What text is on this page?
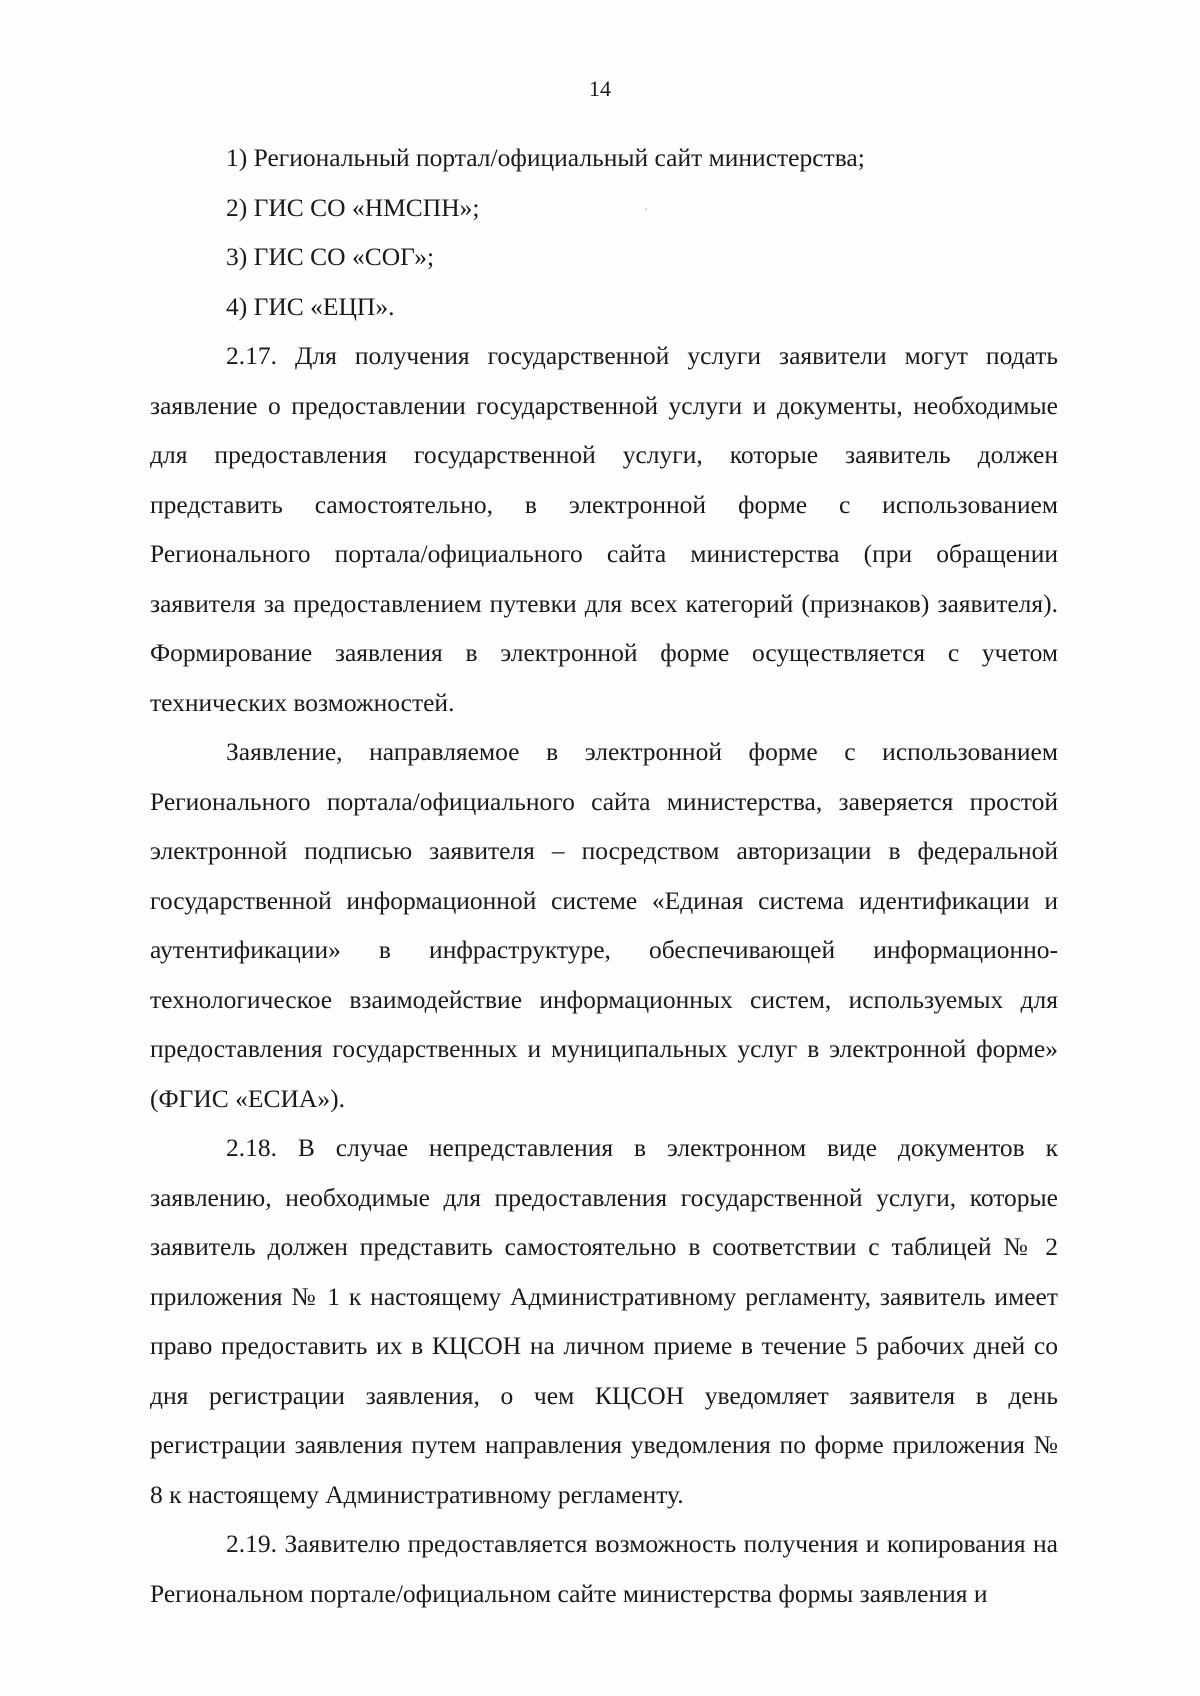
14

1) Региональный портал/официальный сайт министерства;

2) ГИС СО «НМСПН»;

3) ГИС СО «СОГ»;

4) ГИС «ЕЦП».

2.17. Для получения государственной услуги заявители могут подать заявление о предоставлении государственной услуги и документы, необходимые для предоставления государственной услуги, которые заявитель должен представить самостоятельно, в электронной форме с использованием Регионального портала/официального сайта министерства (при обращении заявителя за предоставлением путевки для всех категорий (признаков) заявителя). Формирование заявления в электронной форме осуществляется с учетом технических возможностей.

Заявление, направляемое в электронной форме с использованием Регионального портала/официального сайта министерства, заверяется простой электронной подписью заявителя – посредством авторизации в федеральной государственной информационной системе «Единая система идентификации и аутентификации» в инфраструктуре, обеспечивающей информационно-технологическое взаимодействие информационных систем, используемых для предоставления государственных и муниципальных услуг в электронной форме» (ФГИС «ЕСИА»).

2.18. В случае непредставления в электронном виде документов к заявлению, необходимые для предоставления государственной услуги, которые заявитель должен представить самостоятельно в соответствии с таблицей № 2 приложения № 1 к настоящему Административному регламенту, заявитель имеет право предоставить их в КЦСОН на личном приеме в течение 5 рабочих дней со дня регистрации заявления, о чем КЦСОН уведомляет заявителя в день регистрации заявления путем направления уведомления по форме приложения № 8 к настоящему Административному регламенту.

2.19. Заявителю предоставляется возможность получения и копирования на Региональном портале/официальном сайте министерства формы заявления и
